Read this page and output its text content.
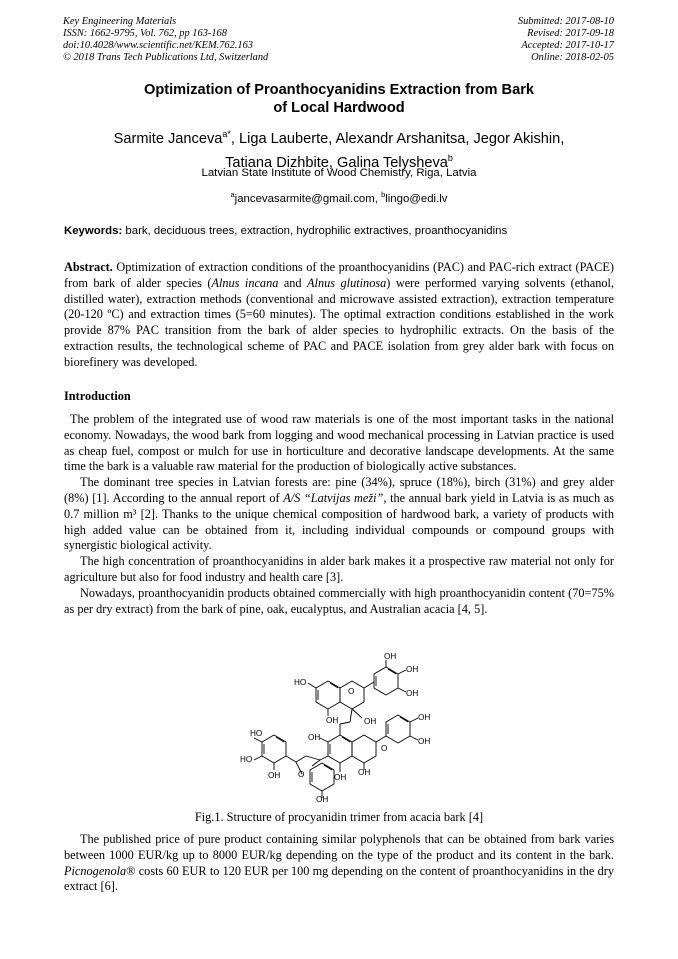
Key Engineering Materials
ISSN: 1662-9795, Vol. 762, pp 163-168
doi:10.4028/www.scientific.net/KEM.762.163
© 2018 Trans Tech Publications Ltd, Switzerland
Submitted: 2017-08-10
Revised: 2017-09-18
Accepted: 2017-10-17
Online: 2018-02-05
Optimization of Proanthocyanidins Extraction from Bark
of Local Hardwood
Sarmite Janceva$^{a*}$, Liga Lauberte, Alexandr Arshanitsa, Jegor Akishin,
Tatiana Dizhbite, Galina Telysheva$^b$
Latvian State Institute of Wood Chemistry, Riga, Latvia
$^a$jancevasarmite@gmail.com, $^b$lingo@edi.lv
Keywords: bark, deciduous trees, extraction, hydrophilic extractives, proanthocyanidins

Abstract. Optimization of extraction conditions of the proanthocyanidins (PAC) and PAC-rich extract (PACE) from bark of alder species (Alnus incana and Alnus glutinosa) were performed varying solvents (ethanol, distilled water), extraction methods (conventional and microwave assisted extraction), extraction temperature (20-120 ºC) and extraction times (5=60 minutes). The optimal extraction conditions established in the work provide 87% PAC transition from the bark of alder species to hydrophilic extracts. On the basis of the extraction results, the technological scheme of PAC and PACE isolation from grey alder bark with focus on biorefinery was developed.

Introduction

The problem of the integrated use of wood raw materials is one of the most important tasks in the national economy. Nowadays, the wood bark from logging and wood mechanical processing in Latvian practice is used as cheap fuel, compost or mulch for use in horticulture and decorative landscape developments. At the same time the bark is a valuable raw material for the production of biologically active substances.

The dominant tree species in Latvian forests are: pine (34%), spruce (18%), birch (31%) and grey alder (8%) [1]. According to the annual report of A/S “Latvijas meži”, the annual bark yield in Latvia is as much as 0.7 million m³ [2]. Thanks to the unique chemical composition of hardwood bark, a variety of products with high added value can be obtained from it, including individual compounds or compound groups with synergistic biological activity.

The high concentration of proanthocyanidins in alder bark makes it a prospective raw material not only for agriculture but also for food industry and health care [3].

Nowadays, proanthocyanidin products obtained commercially with high proanthocyanidin content (70=75% as per dry extract) from the bark of pine, oak, eucalyptus, and Australian acacia [4, 5].

OH
OH
OH
HO
O
OH	OH	OH
OH
O
OH
OH
OH
HO
HO
OH O
OH
Fig.1. Structure of procyanidin trimer from acacia bark [4]

The published price of pure product containing similar polyphenols that can be obtained from bark varies between 1000 EUR/kg up to 8000 EUR/kg depending on the type of the product and its content in the bark. Picnogenola® costs 60 EUR to 120 EUR per 100 mg depending on the content of proanthocyanidins in the dry extract [6].
